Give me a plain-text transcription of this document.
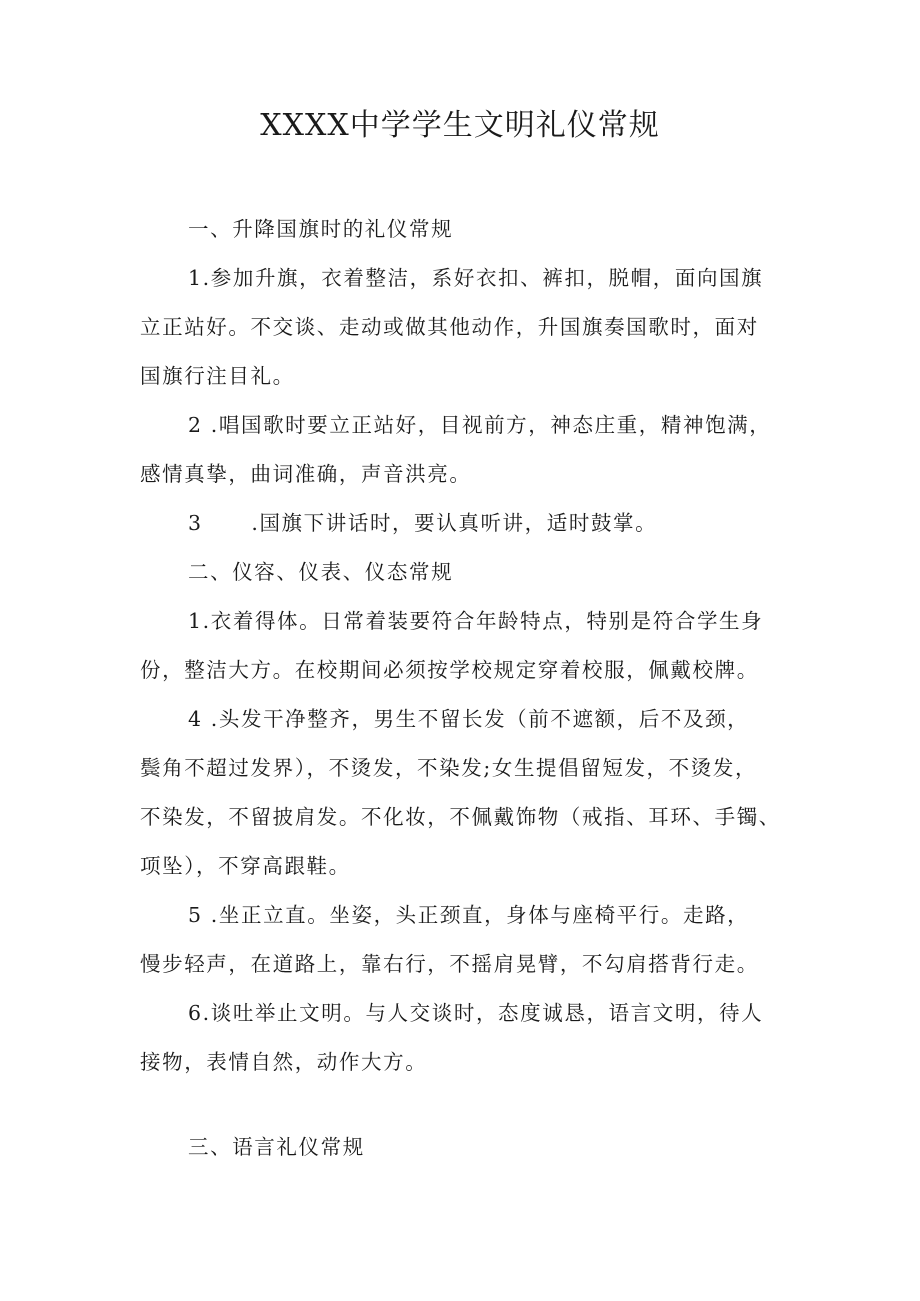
XXXX中学学生文明礼仪常规
一、升降国旗时的礼仪常规
1.参加升旗，衣着整洁，系好衣扣、裤扣，脱帽，面向国旗
立正站好。不交谈、走动或做其他动作，升国旗奏国歌时，面对
国旗行注目礼。
2 .唱国歌时要立正站好，目视前方，神态庄重，精神饱满，
感情真挚，曲词准确，声音洪亮。
3      .国旗下讲话时，要认真听讲，适时鼓掌。
二、仪容、仪表、仪态常规
1.衣着得体。日常着装要符合年龄特点，特别是符合学生身
份，整洁大方。在校期间必须按学校规定穿着校服，佩戴校牌。
4 .头发干净整齐，男生不留长发（前不遮额，后不及颈，
鬓角不超过发界），不烫发，不染发;女生提倡留短发，不烫发，
不染发，不留披肩发。不化妆，不佩戴饰物（戒指、耳环、手镯、
项坠），不穿高跟鞋。
5 .坐正立直。坐姿，头正颈直，身体与座椅平行。走路，
慢步轻声，在道路上，靠右行，不摇肩晃臂，不勾肩搭背行走。
6.谈吐举止文明。与人交谈时，态度诚恳，语言文明，待人
接物，表情自然，动作大方。
三、语言礼仪常规
